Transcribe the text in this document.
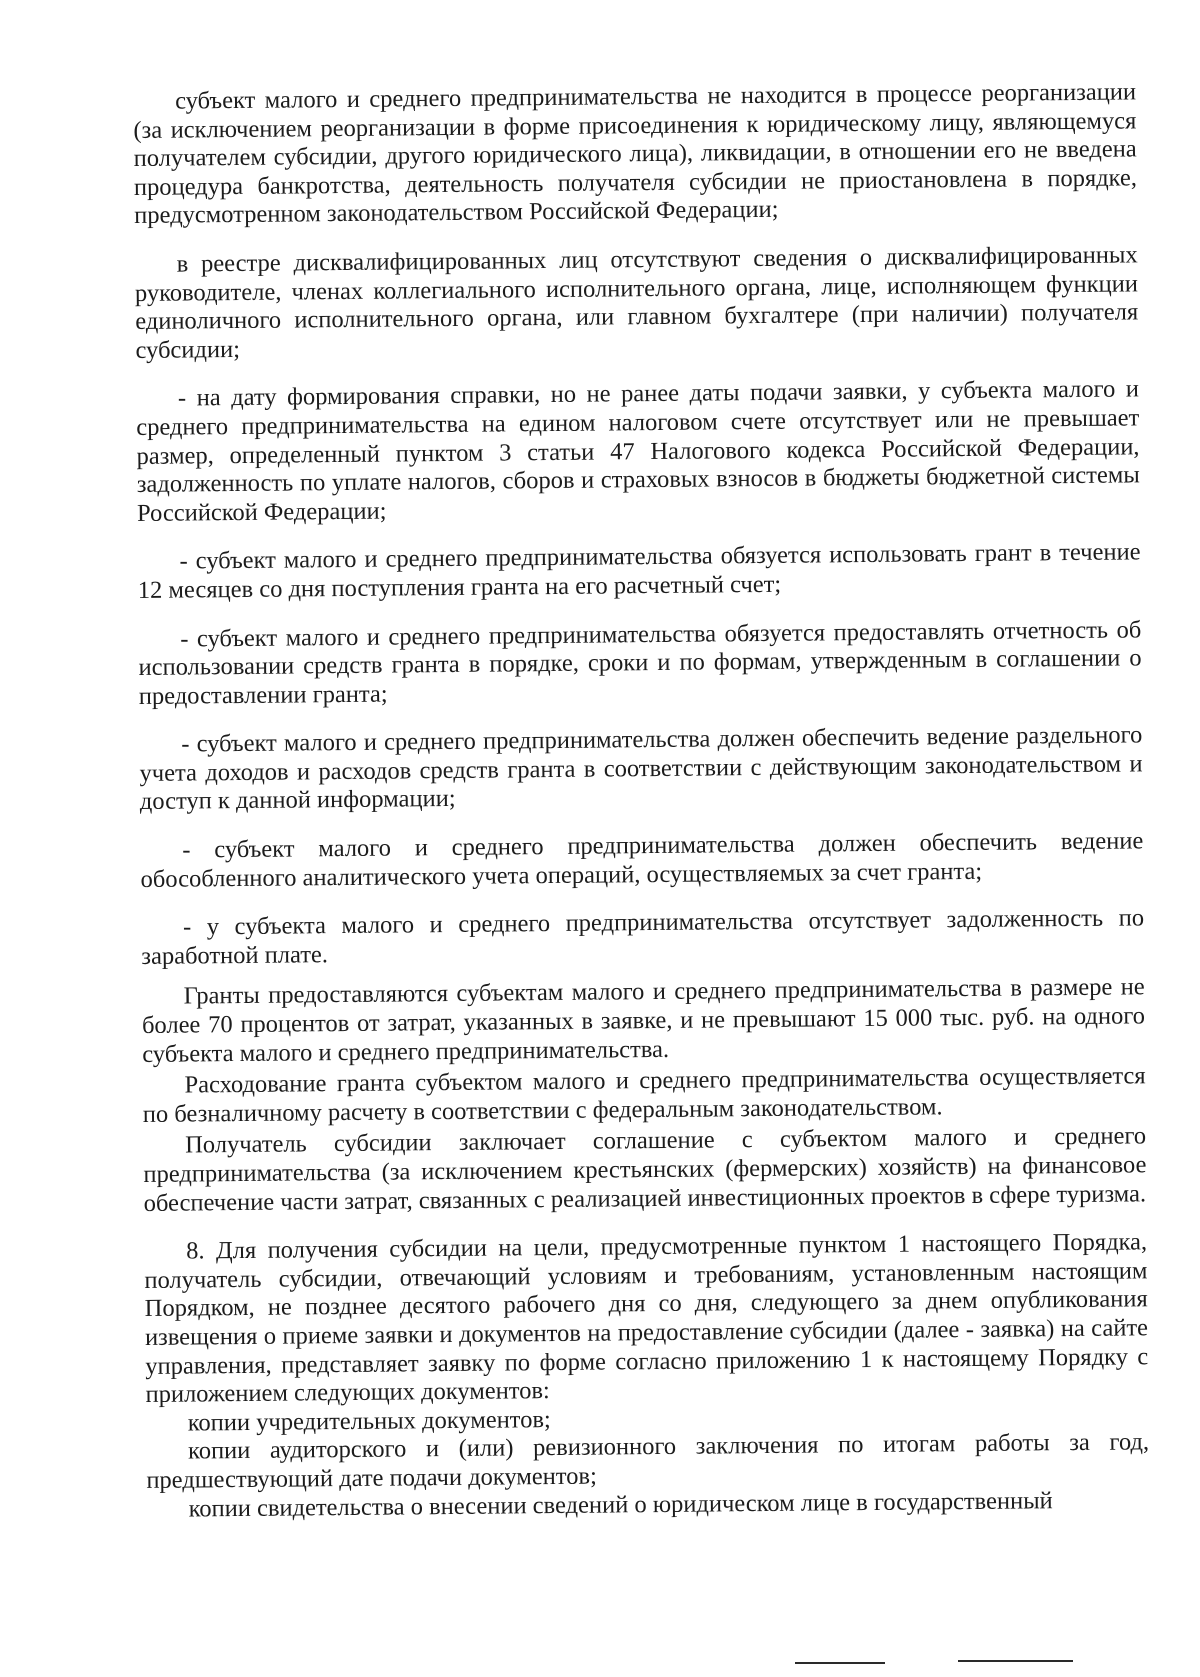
субъект малого и среднего предпринимательства не находится в процессе реорганизации (за исключением реорганизации в форме присоединения к юридическому лицу, являющемуся получателем субсидии, другого юридического лица), ликвидации, в отношении его не введена процедура банкротства, деятельность получателя субсидии не приостановлена в порядке, предусмотренном законодательством Российской Федерации;

в реестре дисквалифицированных лиц отсутствуют сведения о дисквалифицированных руководителе, членах коллегиального исполнительного органа, лице, исполняющем функции единоличного исполнительного органа, или главном бухгалтере (при наличии) получателя субсидии;

- на дату формирования справки, но не ранее даты подачи заявки, у субъекта малого и среднего предпринимательства на едином налоговом счете отсутствует или не превышает размер, определенный пунктом 3 статьи 47 Налогового кодекса Российской Федерации, задолженность по уплате налогов, сборов и страховых взносов в бюджеты бюджетной системы Российской Федерации;

- субъект малого и среднего предпринимательства обязуется использовать грант в течение 12 месяцев со дня поступления гранта на его расчетный счет;

- субъект малого и среднего предпринимательства обязуется предоставлять отчетность об использовании средств гранта в порядке, сроки и по формам, утвержденным в соглашении о предоставлении гранта;

- субъект малого и среднего предпринимательства должен обеспечить ведение раздельного учета доходов и расходов средств гранта в соответствии с действующим законодательством и доступ к данной информации;

- субъект малого и среднего предпринимательства должен обеспечить ведение обособленного аналитического учета операций, осуществляемых за счет гранта;

- у субъекта малого и среднего предпринимательства отсутствует задолженность по заработной плате.

Гранты предоставляются субъектам малого и среднего предпринимательства в размере не более 70 процентов от затрат, указанных в заявке, и не превышают 15 000 тыс. руб. на одного субъекта малого и среднего предпринимательства.

Расходование гранта субъектом малого и среднего предпринимательства осуществляется по безналичному расчету в соответствии с федеральным законодательством.

Получатель субсидии заключает соглашение с субъектом малого и среднего предпринимательства (за исключением крестьянских (фермерских) хозяйств) на финансовое обеспечение части затрат, связанных с реализацией инвестиционных проектов в сфере туризма.

8. Для получения субсидии на цели, предусмотренные пунктом 1 настоящего Порядка, получатель субсидии, отвечающий условиям и требованиям, установленным настоящим Порядком, не позднее десятого рабочего дня со дня, следующего за днем опубликования извещения о приеме заявки и документов на предоставление субсидии (далее - заявка) на сайте управления, представляет заявку по форме согласно приложению 1 к настоящему Порядку с приложением следующих документов:

копии учредительных документов;

копии аудиторского и (или) ревизионного заключения по итогам работы за год, предшествующий дате подачи документов;

копии свидетельства о внесении сведений о юридическом лице в государственный
